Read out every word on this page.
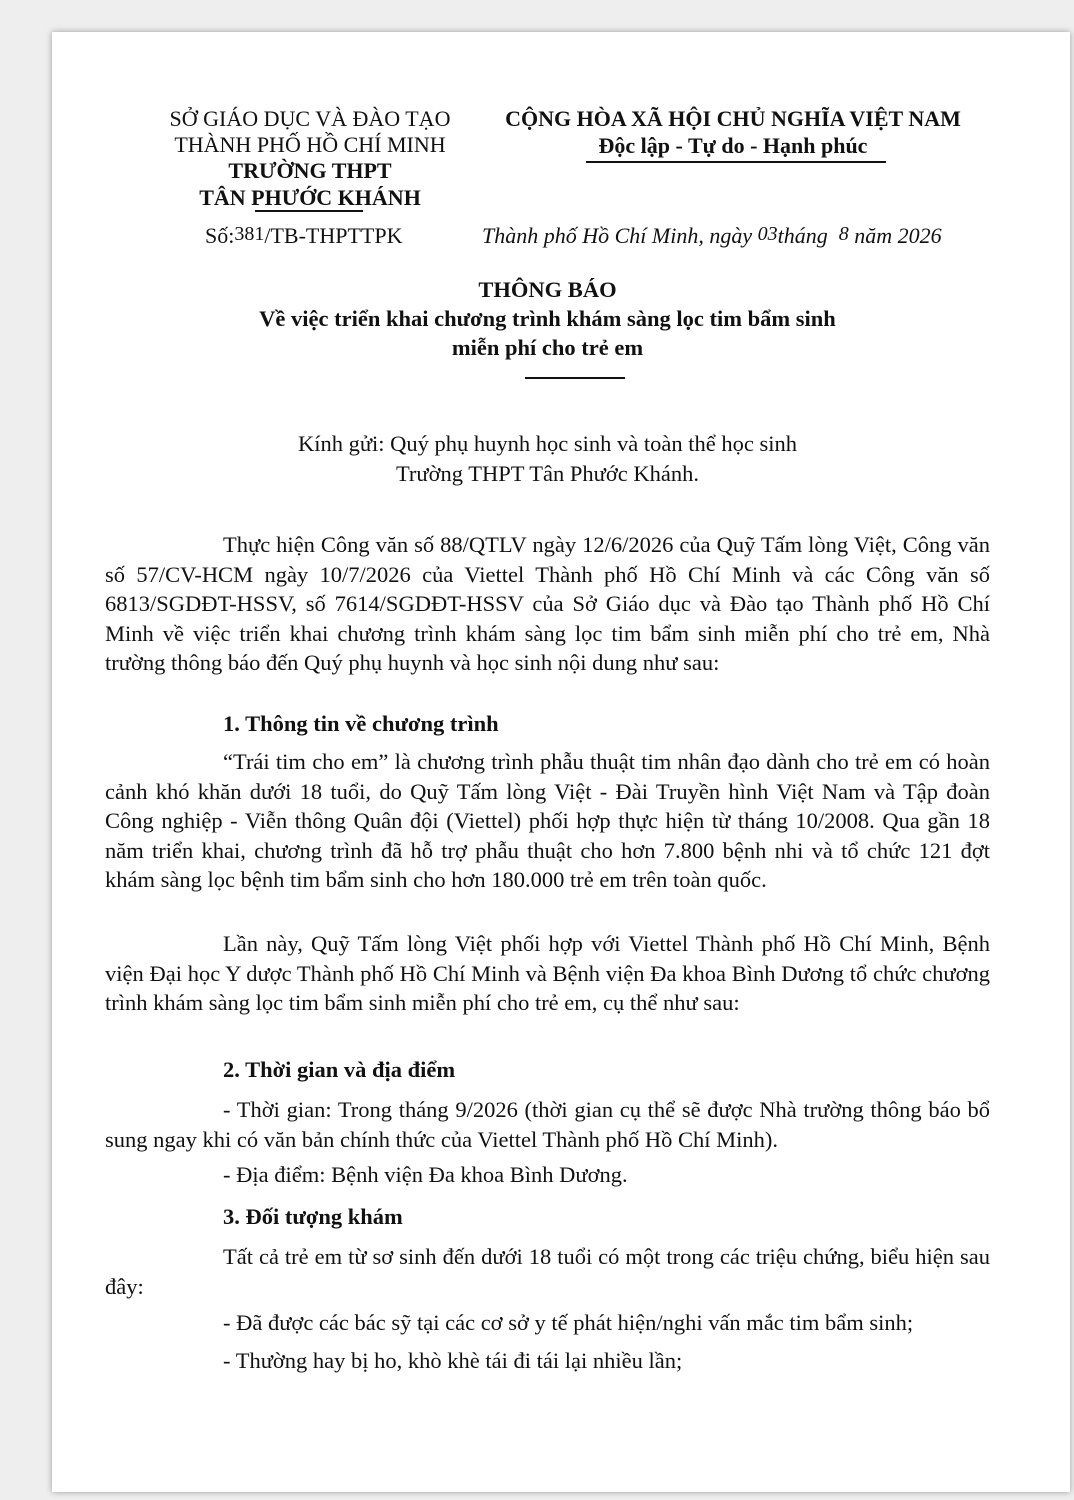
SỞ GIÁO DỤC VÀ ĐÀO TẠO
THÀNH PHỐ HỒ CHÍ MINH
TRƯỜNG THPT
TÂN PHƯỚC KHÁNH
Số:381/TB-THPTTPK
CỘNG HÒA XÃ HỘI CHỦ NGHĨA VIỆT NAM
Độc lập - Tự do - Hạnh phúc
Thành phố Hồ Chí Minh, ngày 03tháng 8 năm 2026
THÔNG BÁO
Về việc triển khai chương trình khám sàng lọc tim bẩm sinh
miễn phí cho trẻ em
Kính gửi: Quý phụ huynh học sinh và toàn thể học sinh
Trường THPT Tân Phước Khánh.
Thực hiện Công văn số 88/QTLV ngày 12/6/2026 của Quỹ Tấm lòng Việt, Công văn số 57/CV-HCM ngày 10/7/2026 của Viettel Thành phố Hồ Chí Minh và các Công văn số 6813/SGDĐT-HSSV, số 7614/SGDĐT-HSSV của Sở Giáo dục và Đào tạo Thành phố Hồ Chí Minh về việc triển khai chương trình khám sàng lọc tim bẩm sinh miễn phí cho trẻ em, Nhà trường thông báo đến Quý phụ huynh và học sinh nội dung như sau:
1. Thông tin về chương trình
“Trái tim cho em” là chương trình phẫu thuật tim nhân đạo dành cho trẻ em có hoàn cảnh khó khăn dưới 18 tuổi, do Quỹ Tấm lòng Việt - Đài Truyền hình Việt Nam và Tập đoàn Công nghiệp - Viễn thông Quân đội (Viettel) phối hợp thực hiện từ tháng 10/2008. Qua gần 18 năm triển khai, chương trình đã hỗ trợ phẫu thuật cho hơn 7.800 bệnh nhi và tổ chức 121 đợt khám sàng lọc bệnh tim bẩm sinh cho hơn 180.000 trẻ em trên toàn quốc.
Lần này, Quỹ Tấm lòng Việt phối hợp với Viettel Thành phố Hồ Chí Minh, Bệnh viện Đại học Y dược Thành phố Hồ Chí Minh và Bệnh viện Đa khoa Bình Dương tổ chức chương trình khám sàng lọc tim bẩm sinh miễn phí cho trẻ em, cụ thể như sau:
2. Thời gian và địa điểm
- Thời gian: Trong tháng 9/2026 (thời gian cụ thể sẽ được Nhà trường thông báo bổ sung ngay khi có văn bản chính thức của Viettel Thành phố Hồ Chí Minh).
- Địa điểm: Bệnh viện Đa khoa Bình Dương.
3. Đối tượng khám
Tất cả trẻ em từ sơ sinh đến dưới 18 tuổi có một trong các triệu chứng, biểu hiện sau đây:
- Đã được các bác sỹ tại các cơ sở y tế phát hiện/nghi vấn mắc tim bẩm sinh;
- Thường hay bị ho, khò khè tái đi tái lại nhiều lần;
